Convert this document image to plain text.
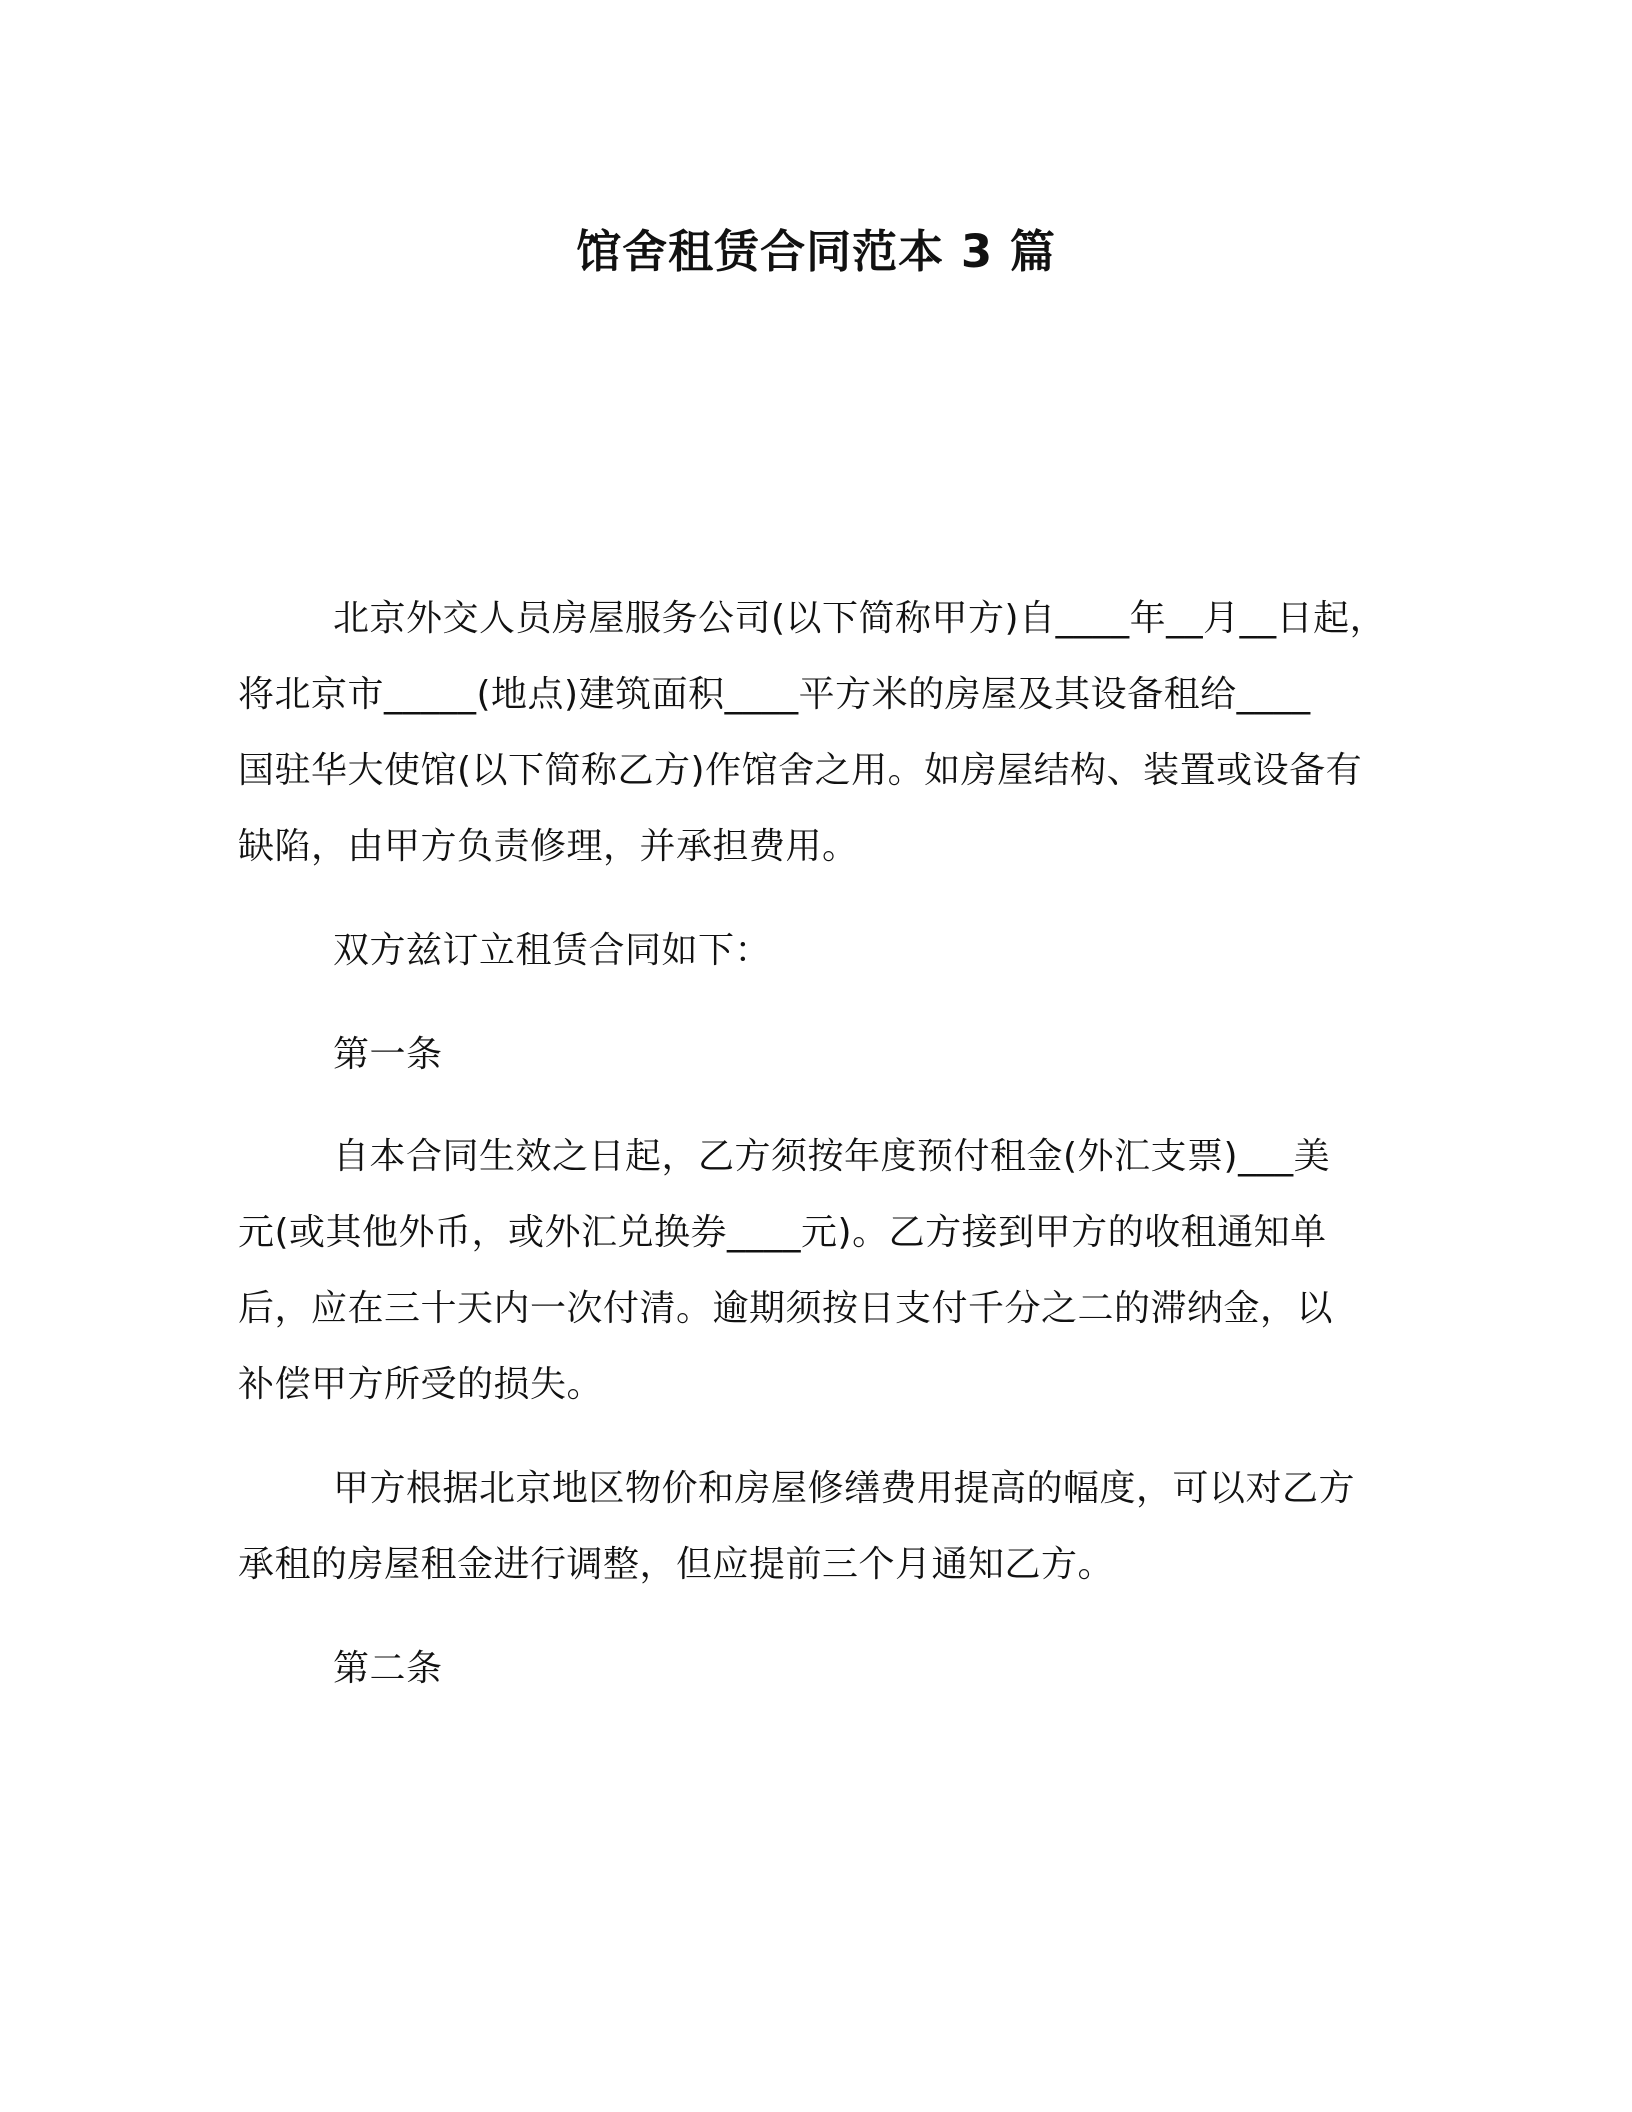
馆舍租赁合同范本 3 篇
北京外交人员房屋服务公司(以下简称甲方)自____年__月__日起，
将北京市_____(地点)建筑面积____平方米的房屋及其设备租给____
国驻华大使馆(以下简称乙方)作馆舍之用。如房屋结构、装置或设备有
缺陷，由甲方负责修理，并承担费用。
双方兹订立租赁合同如下：
第一条
自本合同生效之日起，乙方须按年度预付租金(外汇支票)___美
元(或其他外币，或外汇兑换券____元)。乙方接到甲方的收租通知单
后，应在三十天内一次付清。逾期须按日支付千分之二的滞纳金，以
补偿甲方所受的损失。
甲方根据北京地区物价和房屋修缮费用提高的幅度，可以对乙方
承租的房屋租金进行调整，但应提前三个月通知乙方。
第二条
